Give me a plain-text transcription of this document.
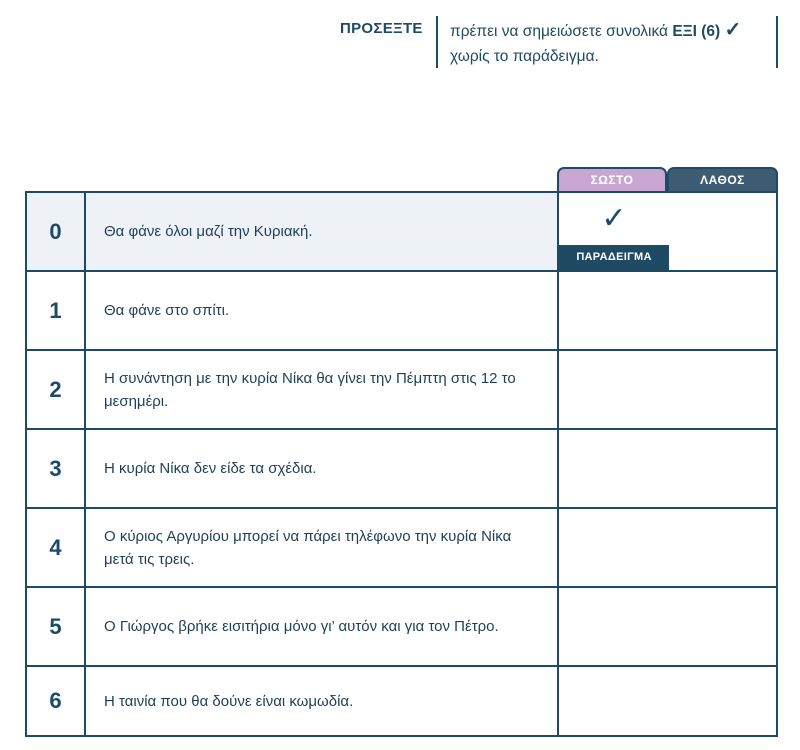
ΠΡΟΣΕΞΤΕ πρέπει να σημειώσετε συνολικά ΕΞΙ (6) ✓
χωρίς το παράδειγμα.
ΣΩΣΤΟ	ΛΑΘΟΣ
0	Θα φάνε όλοι μαζί την Κυριακή.	✓
ΠΑΡΑΔΕΙΓΜΑ
1	Θα φάνε στο σπίτι.
2	Η συνάντηση με την κυρία Νίκα θα γίνει την Πέμπτη στις 12 το μεσημέρι.
3	Η κυρία Νίκα δεν είδε τα σχέδια.
4	Ο κύριος Αργυρίου μπορεί να πάρει τηλέφωνο την κυρία Νίκα μετά τις τρεις.
5	Ο Γιώργος βρήκε εισιτήρια μόνο γι’ αυτόν και για τον Πέτρο.
6	Η ταινία που θα δούνε είναι κωμωδία.
